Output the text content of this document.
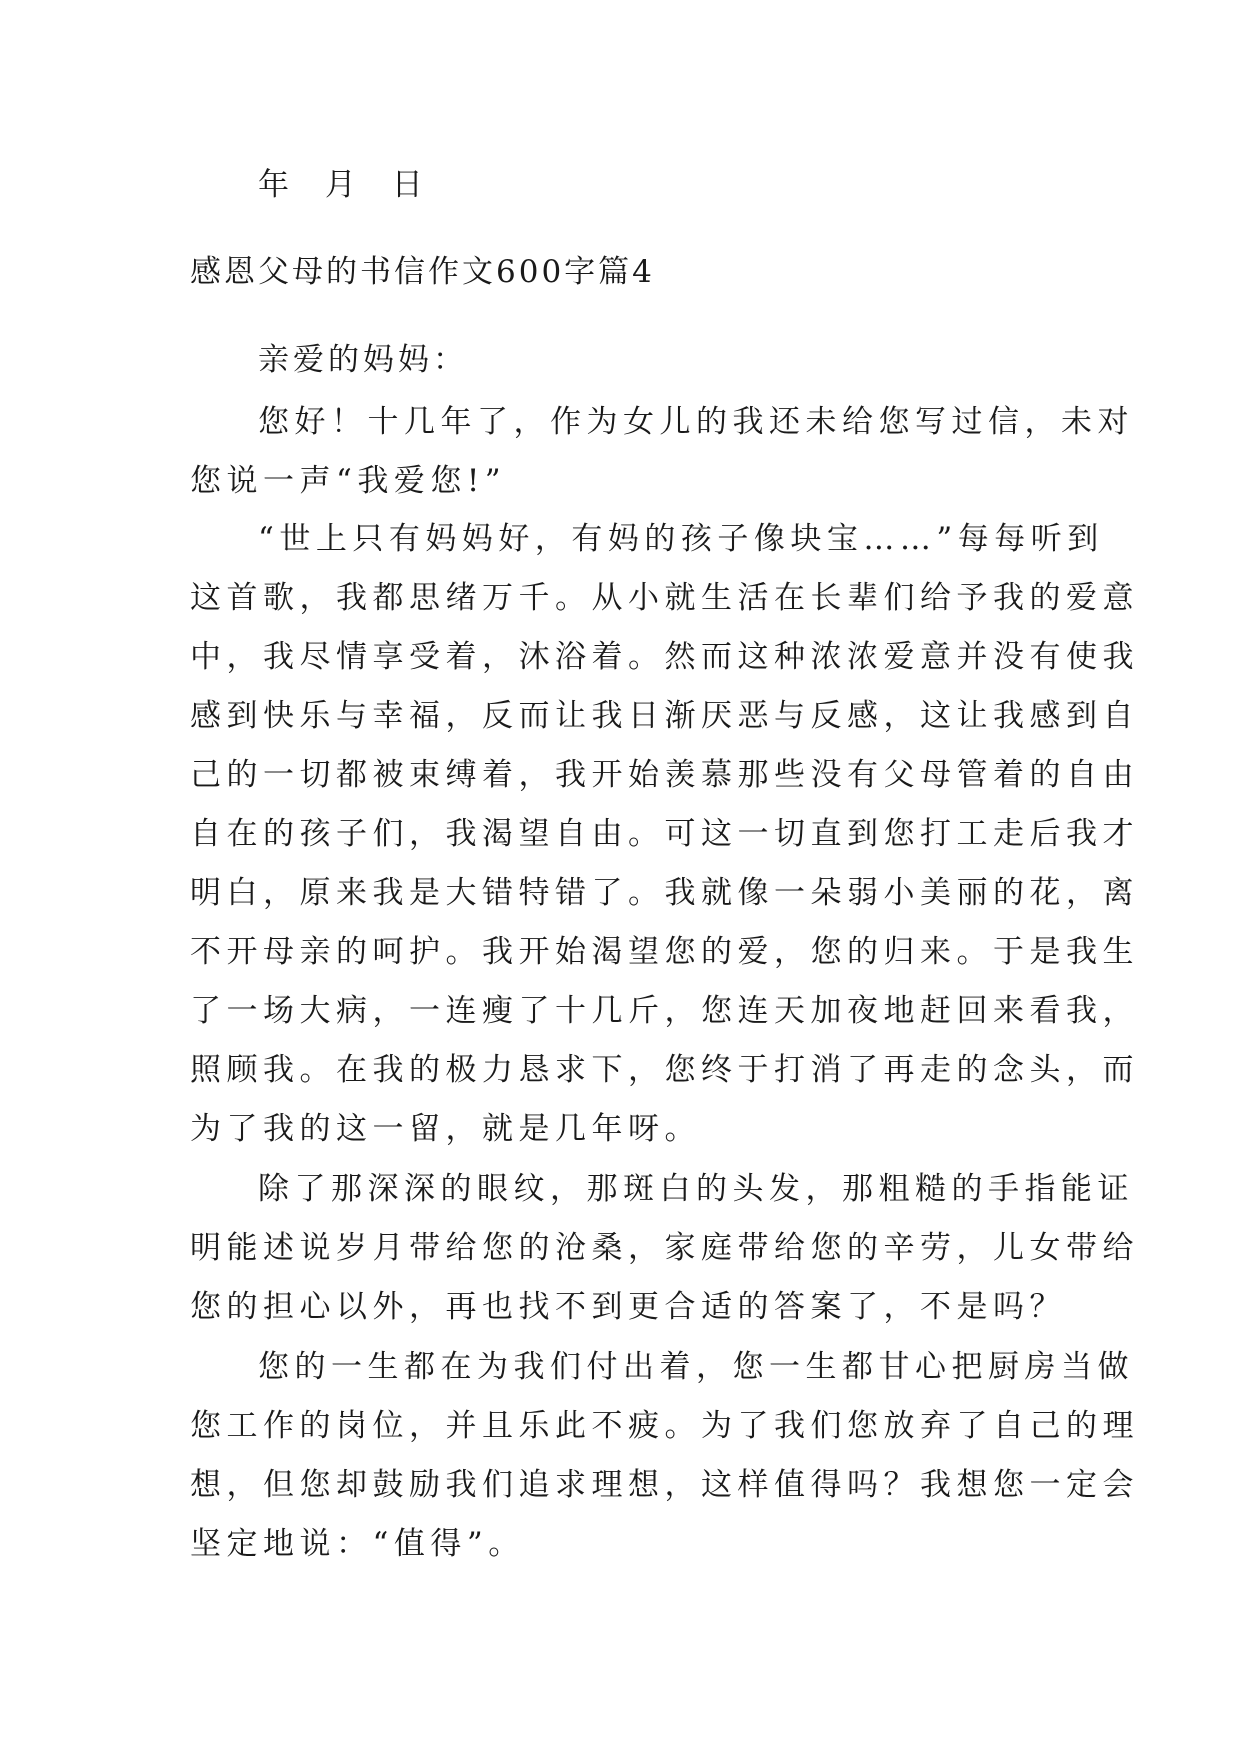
年 月 日
感恩父母的书信作文600字篇4
亲爱的妈妈：
您好！十几年了，作为女儿的我还未给您写过信，未对
您说一声“我爱您!”
“世上只有妈妈好，有妈的孩子像块宝……”每每听到
这首歌，我都思绪万千。从小就生活在长辈们给予我的爱意
中，我尽情享受着，沐浴着。然而这种浓浓爱意并没有使我
感到快乐与幸福，反而让我日渐厌恶与反感，这让我感到自
己的一切都被束缚着，我开始羡慕那些没有父母管着的自由
自在的孩子们，我渴望自由。可这一切直到您打工走后我才
明白，原来我是大错特错了。我就像一朵弱小美丽的花，离
不开母亲的呵护。我开始渴望您的爱，您的归来。于是我生
了一场大病，一连瘦了十几斤，您连天加夜地赶回来看我，
照顾我。在我的极力恳求下，您终于打消了再走的念头，而
为了我的这一留，就是几年呀。
除了那深深的眼纹，那斑白的头发，那粗糙的手指能证
明能述说岁月带给您的沧桑，家庭带给您的辛劳，儿女带给
您的担心以外，再也找不到更合适的答案了，不是吗？
您的一生都在为我们付出着，您一生都甘心把厨房当做
您工作的岗位，并且乐此不疲。为了我们您放弃了自己的理
想，但您却鼓励我们追求理想，这样值得吗？我想您一定会
坚定地说：“值得”。
